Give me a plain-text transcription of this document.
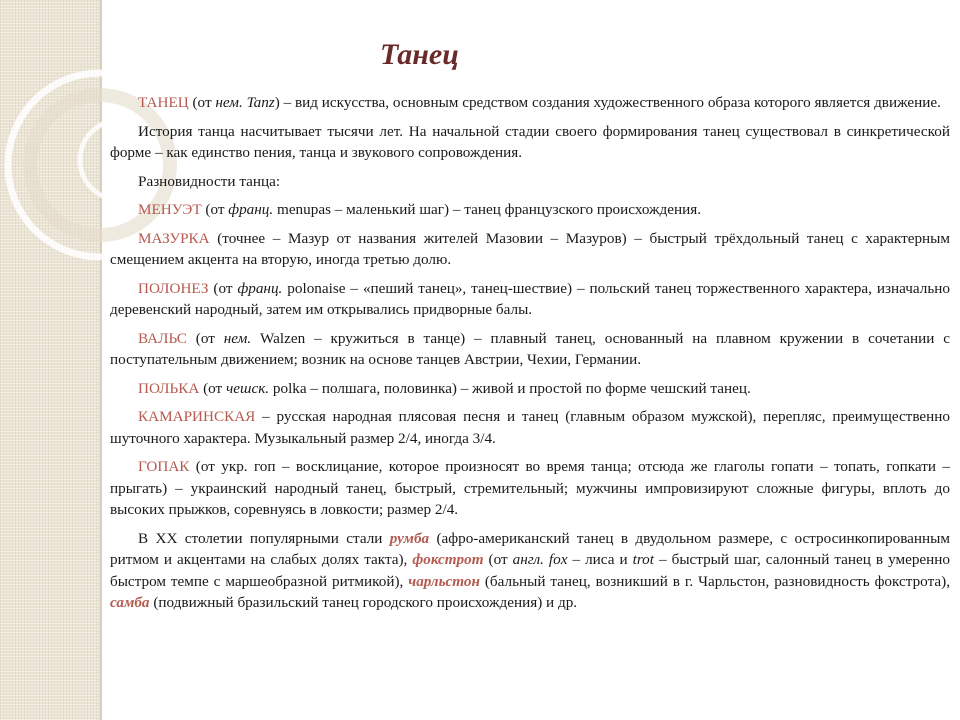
Танец

ТАНЕЦ (от нем. Tanz) – вид искусства, основным средством создания художественного образа которого является движение.

История танца насчитывает тысячи лет. На начальной стадии своего формирования танец существовал в синкретической форме – как единство пения, танца и звукового сопровождения.

Разновидности танца:

МЕНУЭТ (от франц. menupas – маленький шаг) – танец французского происхождения.

МАЗУРКА (точнее – Мазур от названия жителей Мазовии – Мазуров) – быстрый трёхдольный танец с характерным смещением акцента на вторую, иногда третью долю.

ПОЛОНЕЗ (от франц. polonaise – «пеший танец», танец-шествие) – польский танец торжественного характера, изначально деревенский народный, затем им открывались придворные балы.

ВАЛЬС (от нем. Walzen – кружиться в танце) – плавный танец, основанный на плавном кружении в сочетании с поступательным движением; возник на основе танцев Австрии, Чехии, Германии.

ПОЛЬКА (от чешск. polka – полшага, половинка) – живой и простой по форме чешский танец.

КАМАРИНСКАЯ – русская народная плясовая песня и танец (главным образом мужской), перепляс, преимущественно шуточного характера. Музыкальный размер 2/4, иногда 3/4.

ГОПАК (от укр. гоп – восклицание, которое произносят во время танца; отсюда же глаголы гопати – топать, гопкати – прыгать) – украинский народный танец, быстрый, стремительный; мужчины импровизируют сложные фигуры, вплоть до высоких прыжков, соревнуясь в ловкости; размер 2/4.

В XX столетии популярными стали румба (афро-американский танец в двудольном размере, с остросинкопированным ритмом и акцентами на слабых долях такта), фокстрот (от англ. fox – лиса и trot – быстрый шаг, салонный танец в умеренно быстром темпе с маршеобразной ритмикой), чарльстон (бальный танец, возникший в г. Чарльстон, разновидность фокстрота), самба (подвижный бразильский танец городского происхождения) и др.
